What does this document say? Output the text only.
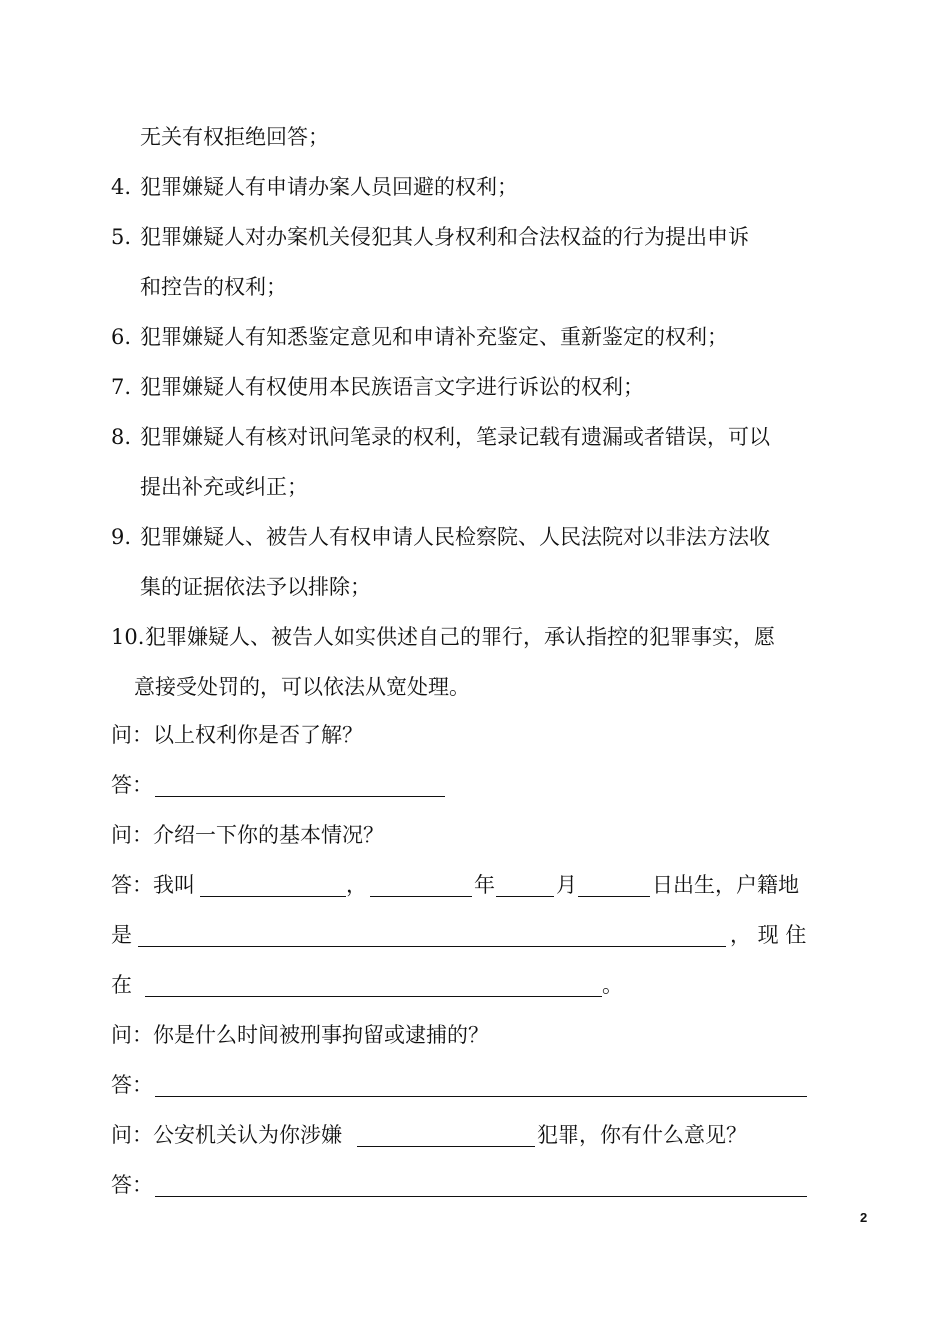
无关有权拒绝回答；
4. 犯罪嫌疑人有申请办案人员回避的权利；
5. 犯罪嫌疑人对办案机关侵犯其人身权利和合法权益的行为提出申诉
和控告的权利；
6. 犯罪嫌疑人有知悉鉴定意见和申请补充鉴定、重新鉴定的权利；
7. 犯罪嫌疑人有权使用本民族语言文字进行诉讼的权利；
8. 犯罪嫌疑人有核对讯问笔录的权利，笔录记载有遗漏或者错误，可以
提出补充或纠正；
9. 犯罪嫌疑人、被告人有权申请人民检察院、人民法院对以非法方法收
集的证据依法予以排除；
10. 犯罪嫌疑人、被告人如实供述自己的罪行，承认指控的犯罪事实，愿
意接受处罚的，可以依法从宽处理。
问：以上权利你是否了解？
答：
问：介绍一下你的基本情况？
答：我叫	，	年	月	日出生，户籍地
是	， 现 住
在	。
问：你是什么时间被刑事拘留或逮捕的？
答：
问：公安机关认为你涉嫌	犯罪，你有什么意见？
答：
2
